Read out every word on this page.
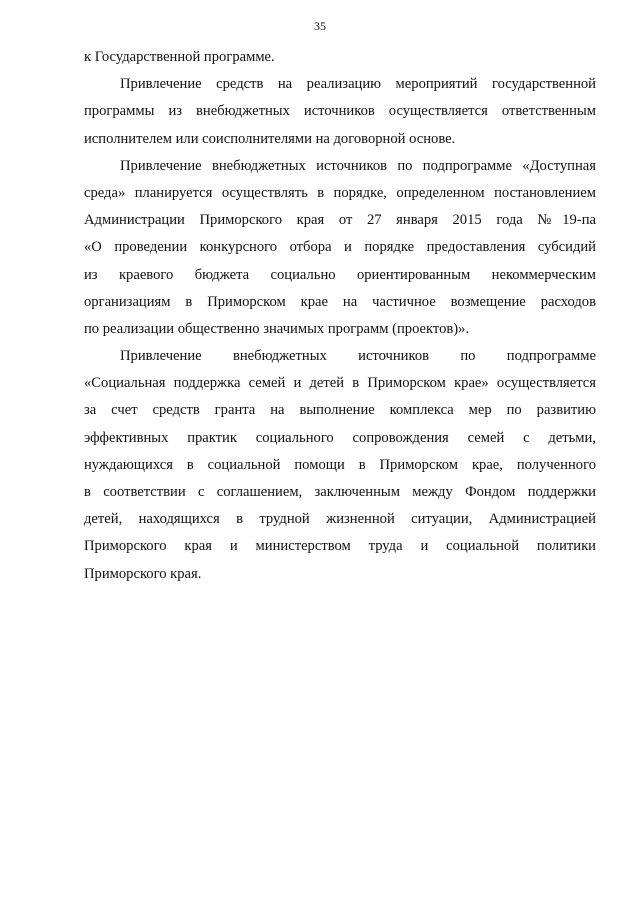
35
к Государственной программе.
Привлечение средств на реализацию мероприятий государственной
программы из внебюджетных источников осуществляется ответственным
исполнителем или соисполнителями на договорной основе.
Привлечение внебюджетных источников по подпрограмме «Доступная
среда» планируется осуществлять в порядке, определенном постановлением
Администрации Приморского края от 27 января 2015 года №19-па
«О проведении конкурсного отбора и порядке предоставления субсидий
из краевого бюджета социально ориентированным некоммерческим
организациям в Приморском крае на частичное возмещение расходов
по реализации общественно значимых программ (проектов)».
Привлечение внебюджетных источников по подпрограмме
«Социальная поддержка семей и детей в Приморском крае» осуществляется
за счет средств гранта на выполнение комплекса мер по развитию
эффективных практик социального сопровождения семей с детьми,
нуждающихся в социальной помощи в Приморском крае, полученного
в соответствии с соглашением, заключенным между Фондом поддержки
детей, находящихся в трудной жизненной ситуации, Администрацией
Приморского края и министерством труда и социальной политики
Приморского края.
